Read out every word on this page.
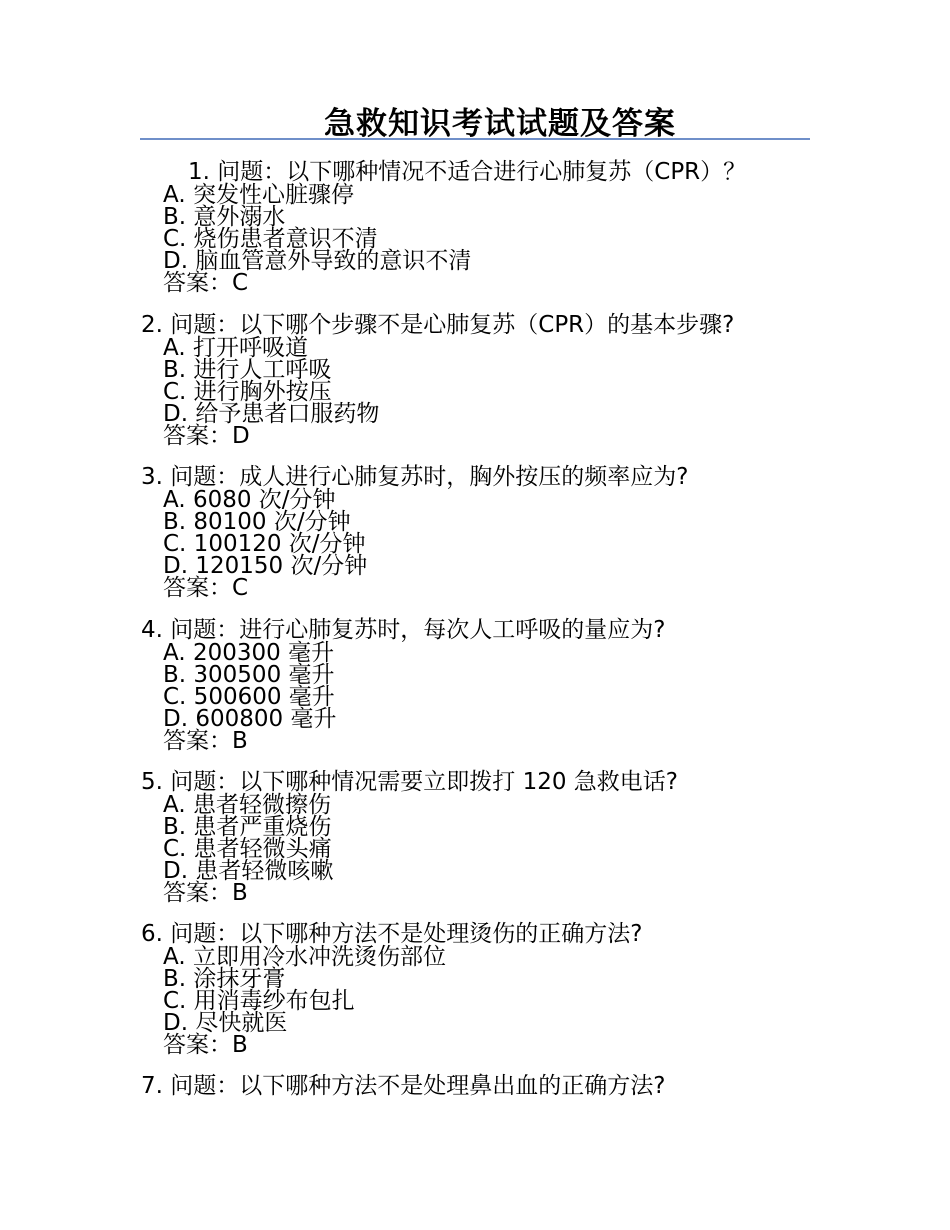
急救知识考试试题及答案
1. 问题：以下哪种情况不适合进行心肺复苏（CPR）？
A. 突发性心脏骤停
B. 意外溺水
C. 烧伤患者意识不清
D. 脑血管意外导致的意识不清
答案：C
2. 问题：以下哪个步骤不是心肺复苏（CPR）的基本步骤?
A. 打开呼吸道
B. 进行人工呼吸
C. 进行胸外按压
D. 给予患者口服药物
答案：D
3. 问题：成人进行心肺复苏时，胸外按压的频率应为?
A. 6080 次/分钟
B. 80100 次/分钟
C. 100120 次/分钟
D. 120150 次/分钟
答案：C
4. 问题：进行心肺复苏时，每次人工呼吸的量应为?
A. 200300 毫升
B. 300500 毫升
C. 500600 毫升
D. 600800 毫升
答案：B
5. 问题：以下哪种情况需要立即拨打 120 急救电话?
A. 患者轻微擦伤
B. 患者严重烧伤
C. 患者轻微头痛
D. 患者轻微咳嗽
答案：B
6. 问题：以下哪种方法不是处理烫伤的正确方法?
A. 立即用冷水冲洗烫伤部位
B. 涂抹牙膏
C. 用消毒纱布包扎
D. 尽快就医
答案：B
7. 问题：以下哪种方法不是处理鼻出血的正确方法?
